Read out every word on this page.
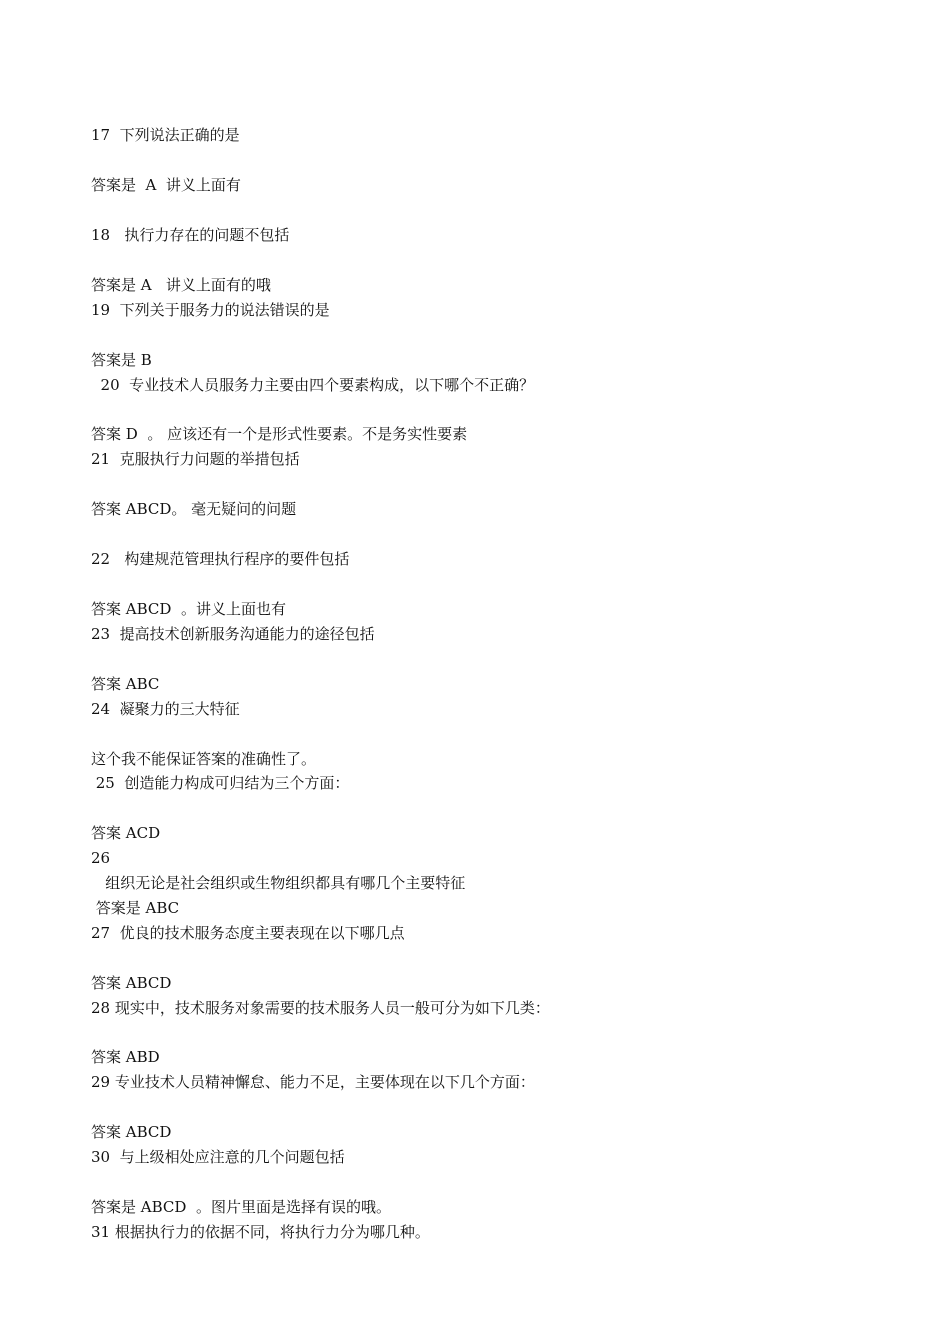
17  下列说法正确的是
答案是  A  讲义上面有
18   执行力存在的问题不包括
答案是 A   讲义上面有的哦
19  下列关于服务力的说法错误的是
答案是 B
20  专业技术人员服务力主要由四个要素构成，以下哪个不正确？
答案 D  。 应该还有一个是形式性要素。不是务实性要素
21  克服执行力问题的举措包括
答案 ABCD。 毫无疑问的问题
22   构建规范管理执行程序的要件包括
答案 ABCD  。讲义上面也有
23  提高技术创新服务沟通能力的途径包括
答案 ABC
24  凝聚力的三大特征
这个我不能保证答案的准确性了。
25  创造能力构成可归结为三个方面：
答案 ACD
26
组织无论是社会组织或生物组织都具有哪几个主要特征
答案是 ABC
27  优良的技术服务态度主要表现在以下哪几点
答案 ABCD
28 现实中，技术服务对象需要的技术服务人员一般可分为如下几类：
答案 ABD
29 专业技术人员精神懈怠、能力不足，主要体现在以下几个方面：
答案 ABCD
30  与上级相处应注意的几个问题包括
答案是 ABCD  。图片里面是选择有误的哦。
31 根据执行力的依据不同，将执行力分为哪几种。
